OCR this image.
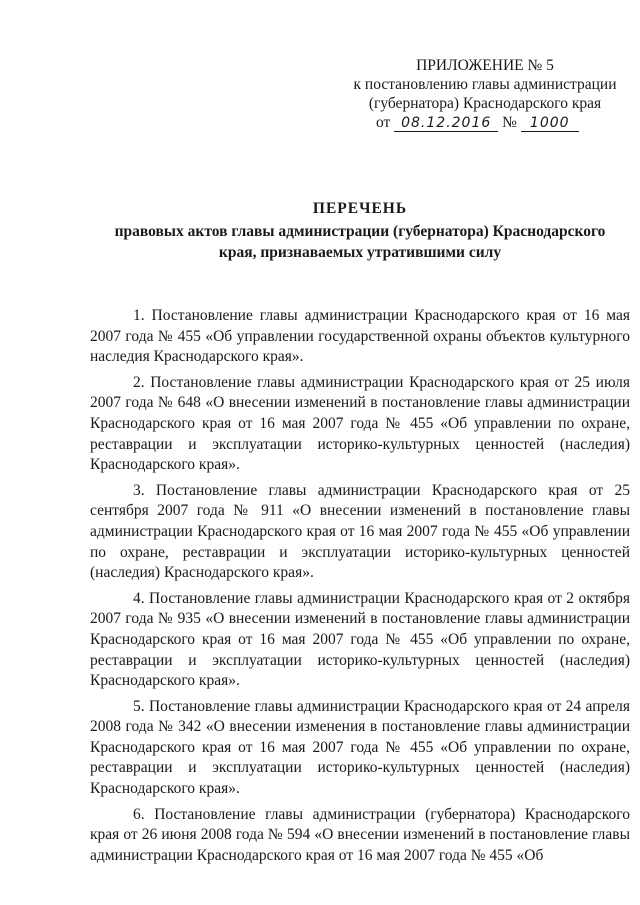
ПРИЛОЖЕНИЕ № 5
к постановлению главы администрации
(губернатора) Краснодарского края
от 08.12.2016 № 1000
ПЕРЕЧЕНЬ
правовых актов главы администрации (губернатора) Краснодарского
края, признаваемых утратившими силу

1. Постановление главы администрации Краснодарского края от 16 мая 2007 года № 455 «Об управлении государственной охраны объектов культурного наследия Краснодарского края».

2. Постановление главы администрации Краснодарского края от 25 июля 2007 года № 648 «О внесении изменений в постановление главы администрации Краснодарского края от 16 мая 2007 года № 455 «Об управлении по охране, реставрации и эксплуатации историко-культурных ценностей (наследия) Краснодарского края».

3. Постановление главы администрации Краснодарского края от 25 сентября 2007 года № 911 «О внесении изменений в постановление главы администрации Краснодарского края от 16 мая 2007 года № 455 «Об управлении по охране, реставрации и эксплуатации историко-культурных ценностей (наследия) Краснодарского края».

4. Постановление главы администрации Краснодарского края от 2 октября 2007 года № 935 «О внесении изменений в постановление главы администрации Краснодарского края от 16 мая 2007 года № 455 «Об управлении по охране, реставрации и эксплуатации историко-культурных ценностей (наследия) Краснодарского края».

5. Постановление главы администрации Краснодарского края от 24 апреля 2008 года № 342 «О внесении изменения в постановление главы администрации Краснодарского края от 16 мая 2007 года № 455 «Об управлении по охране, реставрации и эксплуатации историко-культурных ценностей (наследия) Краснодарского края».

6. Постановление главы администрации (губернатора) Краснодарского края от 26 июня 2008 года № 594 «О внесении изменений в постановление главы администрации Краснодарского края от 16 мая 2007 года № 455 «Об
